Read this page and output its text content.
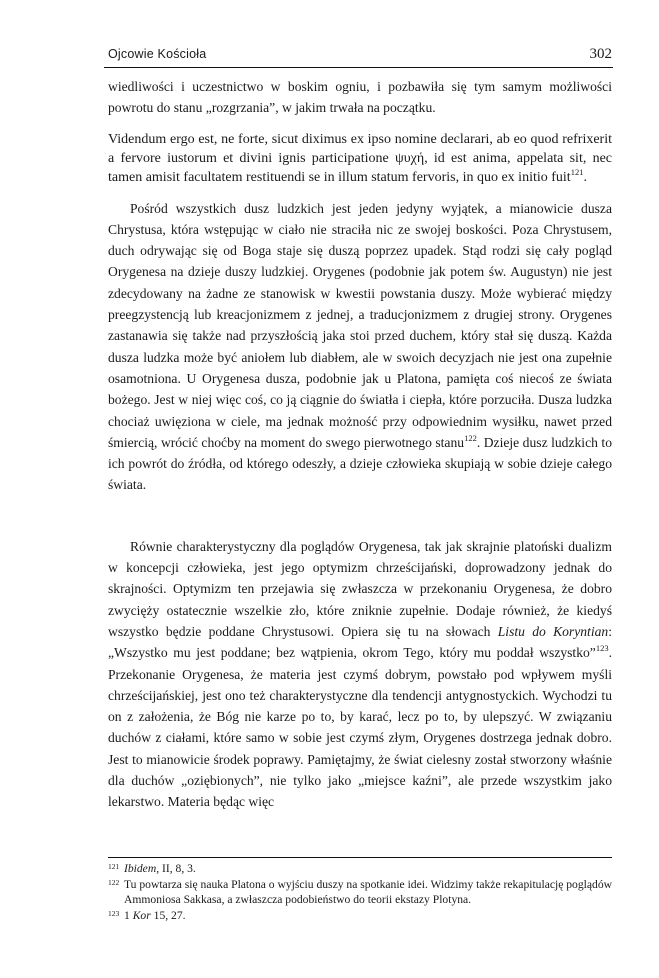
Ojcowie Kościoła	302

wiedliwości i uczestnictwo w boskim ogniu, i pozbawiła się tym samym możliwości powrotu do stanu „rozgrzania”, w jakim trwała na początku.

Videndum ergo est, ne forte, sicut diximus ex ipso nomine declarari, ab eo quod refrixerit a fervore iustorum et divini ignis participatione ψυχή, id est anima, appelata sit, nec tamen amisit facultatem restituendi se in illum statum fervoris, in quo ex initio fuit$^{121}$.

Pośród wszystkich dusz ludzkich jest jeden jedyny wyjątek, a mianowicie dusza Chrystusa, która wstępując w ciało nie straciła nic ze swojej boskości. Poza Chrystusem, duch odrywając się od Boga staje się duszą poprzez upadek. Stąd rodzi się cały pogląd Orygenesa na dzieje duszy ludzkiej. Orygenes (podobnie jak potem św. Augustyn) nie jest zdecydowany na żadne ze stanowisk w kwestii powstania duszy. Może wybierać między preegzystencją lub kreacjonizmem z jednej, a traducjonizmem z drugiej strony. Orygenes zastanawia się także nad przyszłością jaka stoi przed duchem, który stał się duszą. Każda dusza ludzka może być aniołem lub diabłem, ale w swoich decyzjach nie jest ona zupełnie osamotniona. U Orygenesa dusza, podobnie jak u Platona, pamięta coś niecoś ze świata bożego. Jest w niej więc coś, co ją ciągnie do światła i ciepła, które porzuciła. Dusza ludzka chociaż uwięziona w ciele, ma jednak możność przy odpowiednim wysiłku, nawet przed śmiercią, wrócić choćby na moment do swego pierwotnego stanu$^{122}$. Dzieje dusz ludzkich to ich powrót do źródła, od którego odeszły, a dzieje człowieka skupiają w sobie dzieje całego świata.

Równie charakterystyczny dla poglądów Orygenesa, tak jak skrajnie platoński dualizm w koncepcji człowieka, jest jego optymizm chrześcijański, doprowadzony jednak do skrajności. Optymizm ten przejawia się zwłaszcza w przekonaniu Orygenesa, że dobro zwycięży ostatecznie wszelkie zło, które zniknie zupełnie. Dodaje również, że kiedyś wszystko będzie poddane Chrystusowi. Opiera się tu na słowach Listu do Koryntian: „Wszystko mu jest poddane; bez wątpienia, okrom Tego, który mu poddał wszystko”$^{123}$. Przekonanie Orygenesa, że materia jest czymś dobrym, powstało pod wpływem myśli chrześcijańskiej, jest ono też charakterystyczne dla tendencji antygnostyckich. Wychodzi tu on z założenia, że Bóg nie karze po to, by karać, lecz po to, by ulepszyć. W związaniu duchów z ciałami, które samo w sobie jest czymś złym, Orygenes dostrzega jednak dobro. Jest to mianowicie środek poprawy. Pamiętajmy, że świat cielesny został stworzony właśnie dla duchów „oziębionych”, nie tylko jako „miejsce kaźni”, ale przede wszystkim jako lekarstwo. Materia będąc więc

121 Ibidem, II, 8, 3.

122 Tu powtarza się nauka Platona o wyjściu duszy na spotkanie idei. Widzimy także rekapitulację poglądów Ammoniosa Sakkasa, a zwłaszcza podobieństwo do teorii ekstazy Plotyna.

123 1 Kor 15, 27.
